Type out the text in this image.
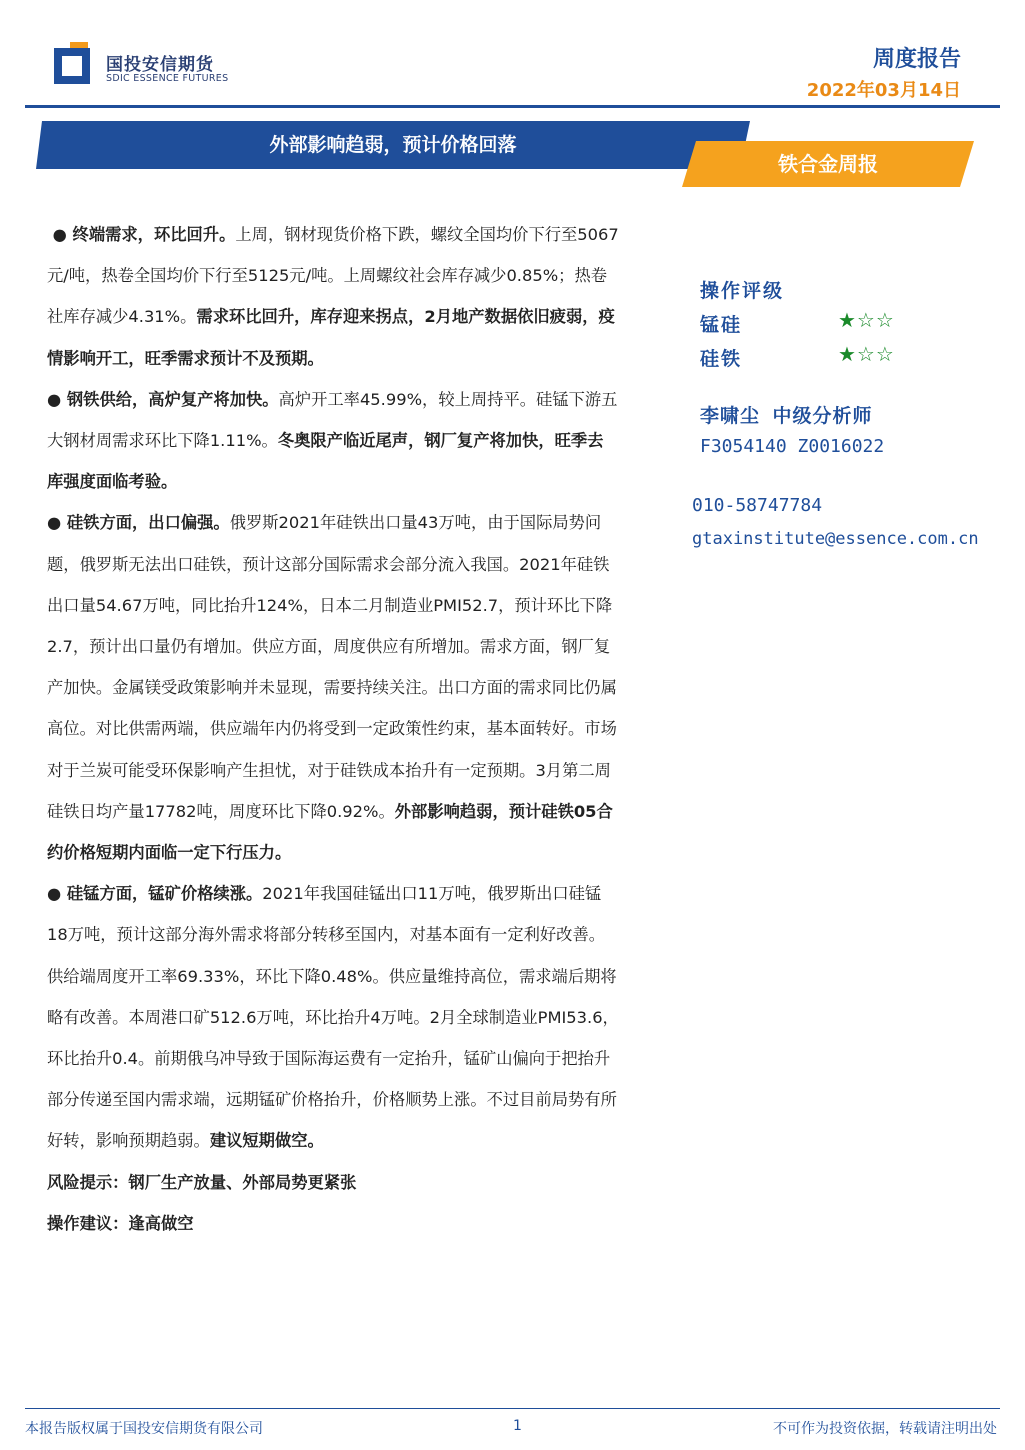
国投安信期货
SDIC ESSENCE FUTURES
周度报告
2022年03月14日
外部影响趋弱，预计价格回落
铁合金周报

● 终端需求，环比回升。上周，钢材现货价格下跌，螺纹全国均价下行至5067元/吨，热卷全国均价下行至5125元/吨。上周螺纹社会库存减少0.85%；热卷社库存减少4.31%。需求环比回升，库存迎来拐点，2月地产数据依旧疲弱，疫情影响开工，旺季需求预计不及预期。

● 钢铁供给，高炉复产将加快。高炉开工率45.99%，较上周持平。硅锰下游五大钢材周需求环比下降1.11%。冬奥限产临近尾声，钢厂复产将加快，旺季去库强度面临考验。

● 硅铁方面，出口偏强。俄罗斯2021年硅铁出口量43万吨，由于国际局势问题，俄罗斯无法出口硅铁，预计这部分国际需求会部分流入我国。2021年硅铁出口量54.67万吨，同比抬升124%，日本二月制造业PMI52.7，预计环比下降2.7，预计出口量仍有增加。供应方面，周度供应有所增加。需求方面，钢厂复产加快。金属镁受政策影响并未显现，需要持续关注。出口方面的需求同比仍属高位。对比供需两端，供应端年内仍将受到一定政策性约束，基本面转好。市场对于兰炭可能受环保影响产生担忧，对于硅铁成本抬升有一定预期。3月第二周硅铁日均产量17782吨，周度环比下降0.92%。外部影响趋弱，预计硅铁05合约价格短期内面临一定下行压力。

● 硅锰方面，锰矿价格续涨。2021年我国硅锰出口11万吨，俄罗斯出口硅锰18万吨，预计这部分海外需求将部分转移至国内，对基本面有一定利好改善。供给端周度开工率69.33%，环比下降0.48%。供应量维持高位，需求端后期将略有改善。本周港口矿512.6万吨，环比抬升4万吨。2月全球制造业PMI53.6，环比抬升0.4。前期俄乌冲导致于国际海运费有一定抬升，锰矿山偏向于把抬升部分传递至国内需求端，远期锰矿价格抬升，价格顺势上涨。不过目前局势有所好转，影响预期趋弱。建议短期做空。

风险提示：钢厂生产放量、外部局势更紧张

操作建议：逢高做空

操作评级
锰硅	★☆☆
硅铁	★☆☆
李啸尘 中级分析师
F3054140 Z0016022
010-58747784
gtaxinstitute@essence.com.cn
本报告版权属于国投安信期货有限公司	1	不可作为投资依据，转载请注明出处
